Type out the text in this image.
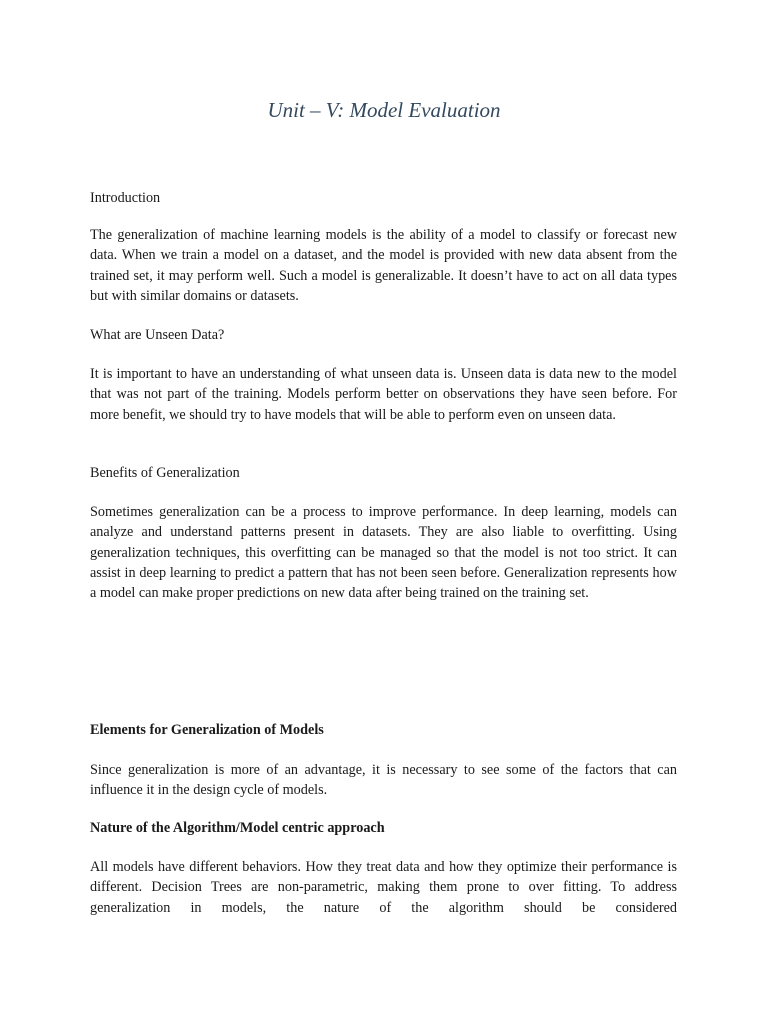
Unit – V: Model Evaluation

Introduction

The generalization of machine learning models is the ability of a model to classify or forecast new data. When we train a model on a dataset, and the model is provided with new data absent from the trained set, it may perform well. Such a model is generalizable. It doesn’t have to act on all data types but with similar domains or datasets.

What are Unseen Data?

It is important to have an understanding of what unseen data is. Unseen data is data new to the model that was not part of the training. Models perform better on observations they have seen before. For more benefit, we should try to have models that will be able to perform even on unseen data.

Benefits of Generalization

Sometimes generalization can be a process to improve performance. In deep learning, models can analyze and understand patterns present in datasets. They are also liable to overfitting. Using generalization techniques, this overfitting can be managed so that the model is not too strict. It can assist in deep learning to predict a pattern that has not been seen before. Generalization represents how a model can make proper predictions on new data after being trained on the training set.

Elements for Generalization of Models

Since generalization is more of an advantage, it is necessary to see some of the factors that can influence it in the design cycle of models.

Nature of the Algorithm/Model centric approach

All models have different behaviors. How they treat data and how they optimize their performance is different. Decision Trees are non-parametric, making them prone to over fitting. To address generalization in models, the nature of the algorithm should be considered
